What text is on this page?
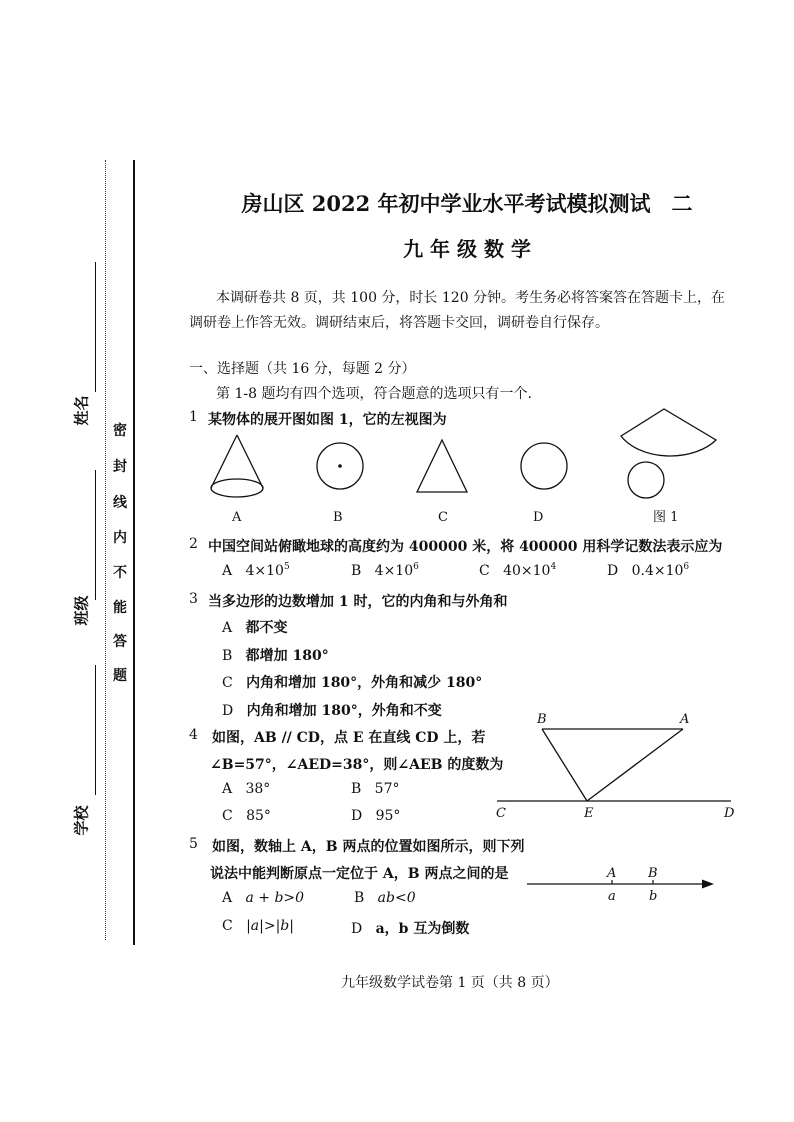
姓名
班级
学校
密
封
线
内
不
能
答
题
房山区 2022 年初中学业水平考试模拟测试　二
九 年 级 数 学
本调研卷共 8 页，共 100 分，时长 120 分钟。考生务必将答案答在答题卡上，在
调研卷上作答无效。调研结束后，将答题卡交回，调研卷自行保存。
一、选择题（共 16 分，每题 2 分）
第 1-8 题均有四个选项，符合题意的选项只有一个.
1 某物体的展开图如图 1，它的左视图为
A	B	C	D	图 1
2 中国空间站俯瞰地球的高度约为 400000 米，将 400000 用科学记数法表示应为
A $4\times 10^5$	B $4\times 10^6$	C $40\times 10^4$	D $0.4\times 10^6$
3 当多边形的边数增加 1 时，它的内角和与外角和
A 都不变
B 都增加 180°
C 内角和增加 180°，外角和减少 180°
D 内角和增加 180°，外角和不变
4 如图，AB // CD，点 E 在直线 CD 上，若
∠B=57°，∠AED=38°，则∠AEB 的度数为
A 38°	B 57°
C 85°	D 95°
B	A
C	E	D
5 如图，数轴上 A，B 两点的位置如图所示，则下列
说法中能判断原点一定位于 A，B 两点之间的是
A a + b>0	B ab<0
C |a|>|b|	D a，b 互为倒数
A B
a	b
九年级数学试卷第 1 页（共 8 页）
